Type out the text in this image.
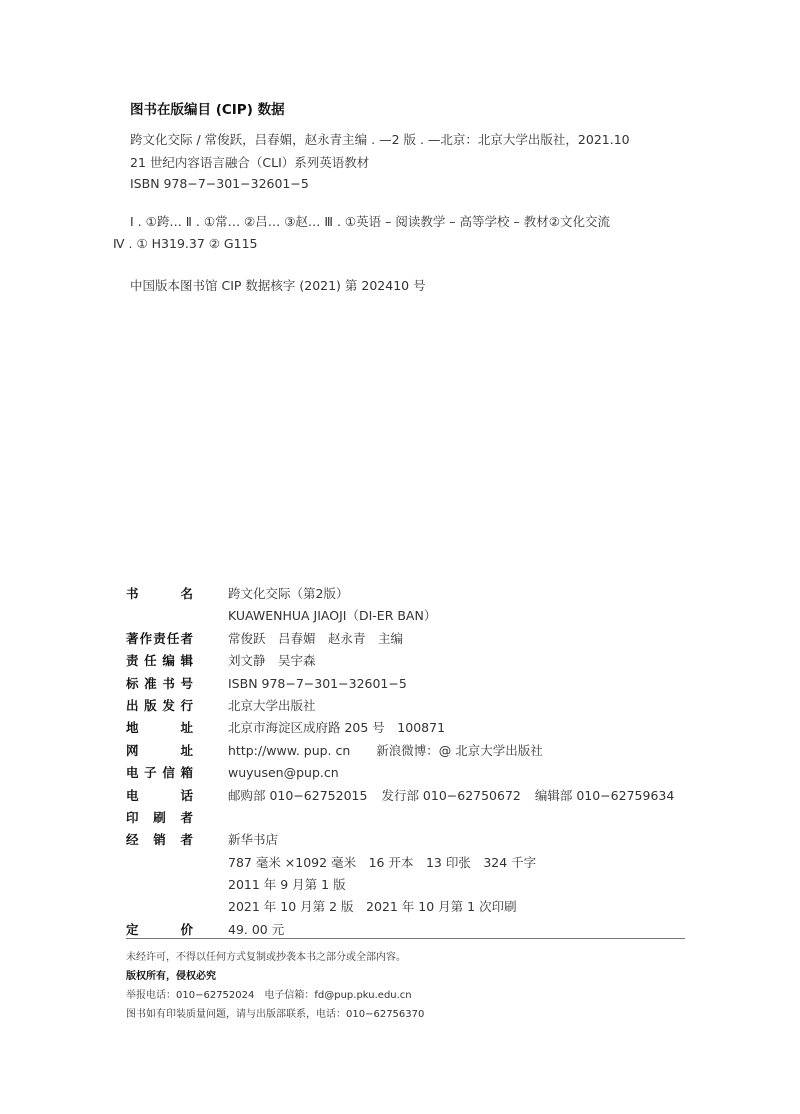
图书在版编目 (CIP) 数据
跨文化交际 / 常俊跃，吕春媚，赵永青主编 . —2 版 . —北京：北京大学出版社，2021.10
21 世纪内容语言融合（CLI）系列英语教材
ISBN 978−7−301−32601−5
Ⅰ . ①跨… Ⅱ . ①常… ②吕… ③赵… Ⅲ . ①英语 – 阅读教学 – 高等学校 – 教材②文化交流
Ⅳ . ① H319.37 ② G115
中国版本图书馆 CIP 数据核字 (2021) 第 202410 号
书	名	跨文化交际（第2版）
KUAWENHUA JIAOJI（DI-ER BAN）
著 作 责 任 者	常俊跃　吕春媚　赵永青　主编
责 任 编 辑	刘文静　吴宇森
标 准 书 号	ISBN 978−7−301−32601−5
出 版 发 行	北京大学出版社
地	址	北京市海淀区成府路 205 号　100871
网	址	http://www. pup. cn 新浪微博：@ 北京大学出版社
电 子 信 箱	wuyusen@pup.cn
电	话	邮购部 010−62752015 发行部 010−62750672 编辑部 010−62759634
印 刷 者
经 销 者	新华书店
787 毫米 ×1092 毫米　16 开本　13 印张　324 千字
2011 年 9 月第 1 版
2021 年 10 月第 2 版　2021 年 10 月第 1 次印刷
定	价	49. 00 元
未经许可，不得以任何方式复制或抄袭本书之部分或全部内容。
版权所有，侵权必究
举报电话：010−62752024　电子信箱：fd@pup.pku.edu.cn
图书如有印装质量问题，请与出版部联系，电话：010−62756370
